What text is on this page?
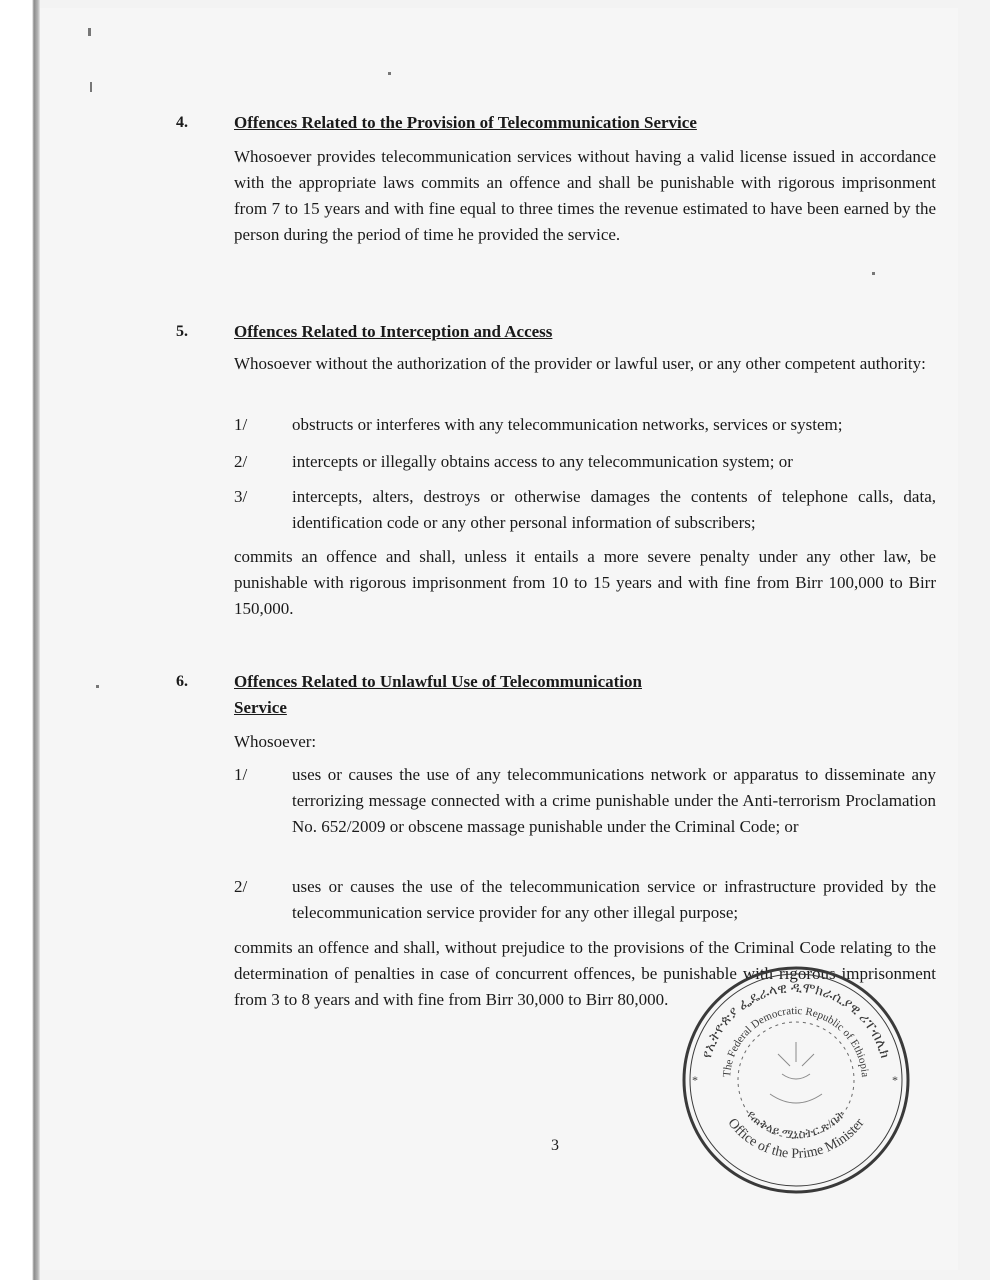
4.	Offences Related to the Provision of Telecommunication Service
Whosoever provides telecommunication services without having a valid license issued in accordance with the appropriate laws commits an offence and shall be punishable with rigorous imprisonment from 7 to 15 years and with fine equal to three times the revenue estimated to have been earned by the person during the period of time he provided the service.
5.	Offences Related to Interception and Access
Whosoever without the authorization of the provider or lawful user, or any other competent authority:
1/	obstructs or interferes with any telecommunication networks, services or system;
2/	intercepts or illegally obtains access to any telecommunication system; or
3/	intercepts, alters, destroys or otherwise damages the contents of telephone calls, data, identification code or any other personal information of subscribers;
commits an offence and shall, unless it entails a more severe penalty under any other law, be punishable with rigorous imprisonment from 10 to 15 years and with fine from Birr 100,000 to Birr 150,000.
6.	Offences Related to Unlawful Use of Telecommunication
Service
Whosoever:
1/	uses or causes the use of any telecommunications network or apparatus to disseminate any terrorizing message connected with a crime punishable under the Anti-terrorism Proclamation No. 652/2009 or obscene massage punishable under the Criminal Code; or
2/	uses or causes the use of the telecommunication service or infrastructure provided by the telecommunication service provider for any other illegal purpose;
commits an offence and shall, without prejudice to the provisions of the Criminal Code relating to the determination of penalties in case of concurrent offences, be punishable with rigorous imprisonment from 3 to 8 years and with fine from Birr 30,000 to Birr 80,000.
የኢትዮጵያ ፌዴራላዊ ዲሞክራሲያዊ ሪፐብሊክ
The Federal Democratic Republic of Ethiopia
የጠቅላይ ሚኒስትር ጽ/ቤት
Office of the Prime Minister
*	*
3
